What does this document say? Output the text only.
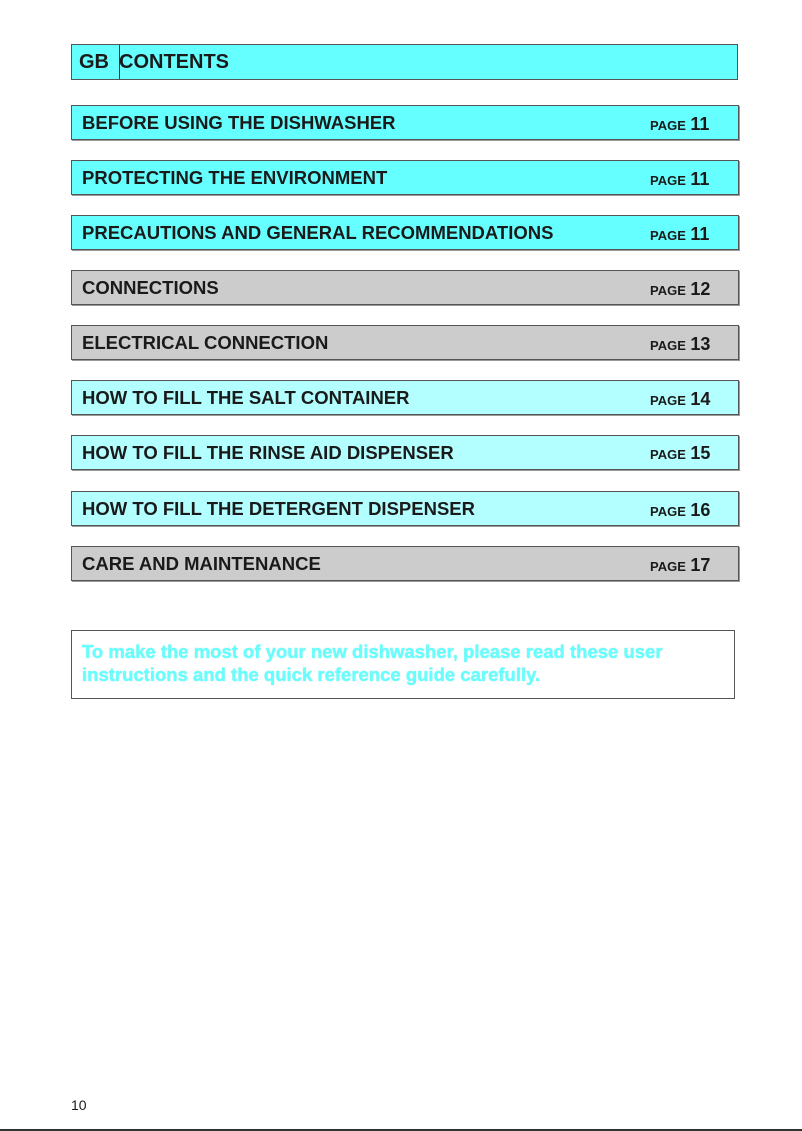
GB CONTENTS
BEFORE USING THE DISHWASHER	PAGE 11
PROTECTING THE ENVIRONMENT	PAGE 11
PRECAUTIONS AND GENERAL RECOMMENDATIONS	PAGE 11
CONNECTIONS	PAGE 12
ELECTRICAL CONNECTION	PAGE 13
HOW TO FILL THE SALT CONTAINER	PAGE 14
HOW TO FILL THE RINSE AID DISPENSER	PAGE 15
HOW TO FILL THE DETERGENT DISPENSER	PAGE 16
CARE AND MAINTENANCE	PAGE 17
To make the most of your new dishwasher, please read these user instructions and the quick reference guide carefully.
10
